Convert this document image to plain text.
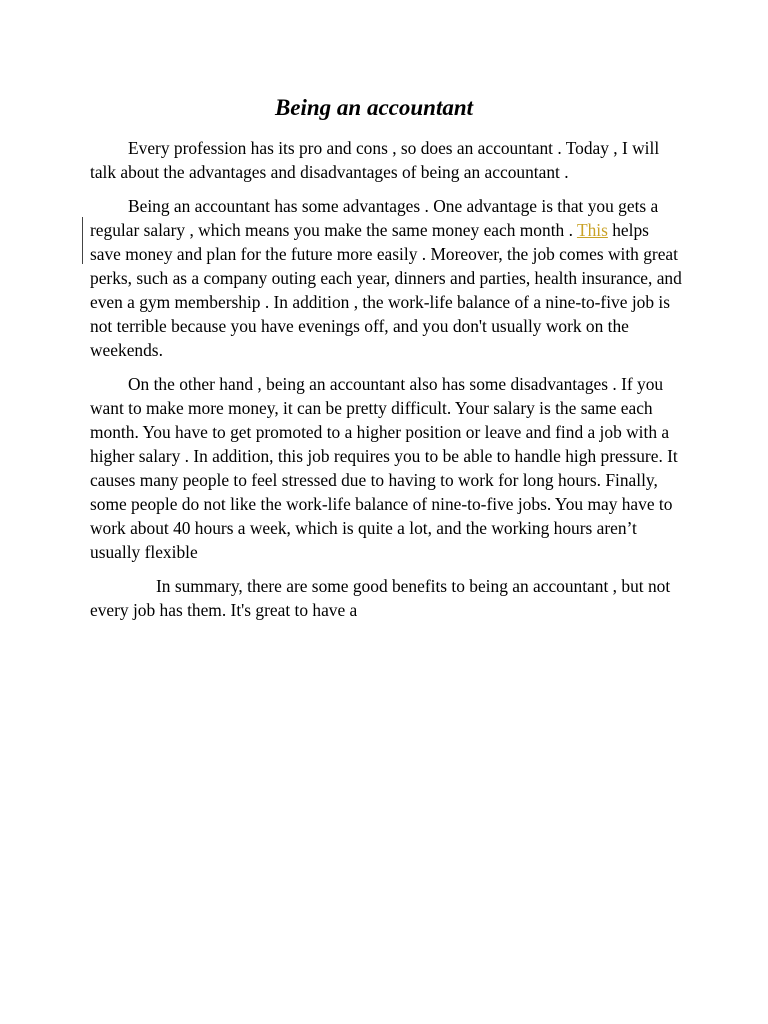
Being an accountant

Every profession has its pro and cons , so does an accountant . Today , I will talk about the advantages and disadvantages of being an accountant .

Being an accountant has some advantages . One advantage is that you gets a regular salary , which means you make the same money each month . This helps save money and plan for the future more easily . Moreover, the job comes with great perks, such as a company outing each year, dinners and parties, health insurance, and even a gym membership . In addition , the work-life balance of a nine-to-five job is not terrible because you have evenings off, and you don't usually work on the weekends.

On the other hand , being an accountant also has some disadvantages . If you want to make more money, it can be pretty difficult. Your salary is the same each month. You have to get promoted to a higher position or leave and find a job with a higher salary . In addition, this job requires you to be able to handle high pressure. It causes many people to feel stressed due to having to work for long hours. Finally, some people do not like the work-life balance of nine-to-five jobs. You may have to work about 40 hours a week, which is quite a lot, and the working hours aren’t usually flexible

In summary, there are some good benefits to being an accountant , but not every job has them. It's great to have a
